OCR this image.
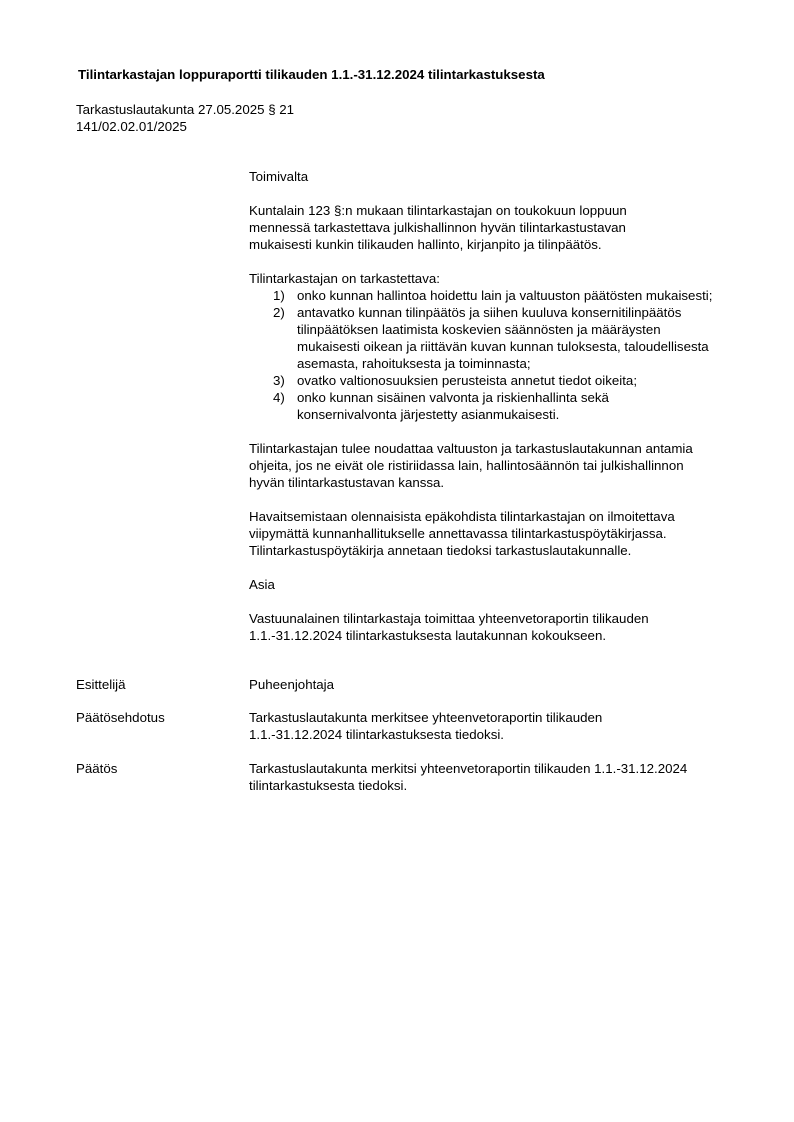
Tilintarkastajan loppuraportti tilikauden 1.1.-31.12.2024 tilintarkastuksesta
Tarkastuslautakunta 27.05.2025 § 21
141/02.02.01/2025
Toimivalta
Kuntalain 123 §:n mukaan tilintarkastajan on toukokuun loppuun mennessä tarkastettava julkishallinnon hyvän tilintarkastustavan mukaisesti kunkin tilikauden hallinto, kirjanpito ja tilinpäätös.

Tilintarkastajan on tarkastettava:

1) onko kunnan hallintoa hoidettu lain ja valtuuston päätösten mukaisesti;
2) antavatko kunnan tilinpäätös ja siihen kuuluva konsernitilinpäätös tilinpäätöksen laatimista koskevien säännösten ja määräysten mukaisesti oikean ja riittävän kuvan kunnan tuloksesta, taloudellisesta asemasta, rahoituksesta ja toiminnasta;
3) ovatko valtionosuuksien perusteista annetut tiedot oikeita;
4) onko kunnan sisäinen valvonta ja riskienhallinta sekä konsernivalvonta järjestetty asianmukaisesti.
Tilintarkastajan tulee noudattaa valtuuston ja tarkastuslautakunnan antamia ohjeita, jos ne eivät ole ristiriidassa lain, hallintosäännön tai julkishallinnon hyvän tilintarkastustavan kanssa.
Havaitsemistaan olennaisista epäkohdista tilintarkastajan on ilmoitettava viipymättä kunnanhallitukselle annettavassa tilintarkastuspöytäkirjassa. Tilintarkastuspöytäkirja annetaan tiedoksi tarkastuslautakunnalle.
Asia
Vastuunalainen tilintarkastaja toimittaa yhteenvetoraportin tilikauden 1.1.-31.12.2024 tilintarkastuksesta lautakunnan kokoukseen.
Esittelijä	Puheenjohtaja
Päätösehdotus	Tarkastuslautakunta merkitsee yhteenvetoraportin tilikauden 1.1.-31.12.2024 tilintarkastuksesta tiedoksi.
Päätös	Tarkastuslautakunta merkitsi yhteenvetoraportin tilikauden 1.1.-31.12.2024 tilintarkastuksesta tiedoksi.
